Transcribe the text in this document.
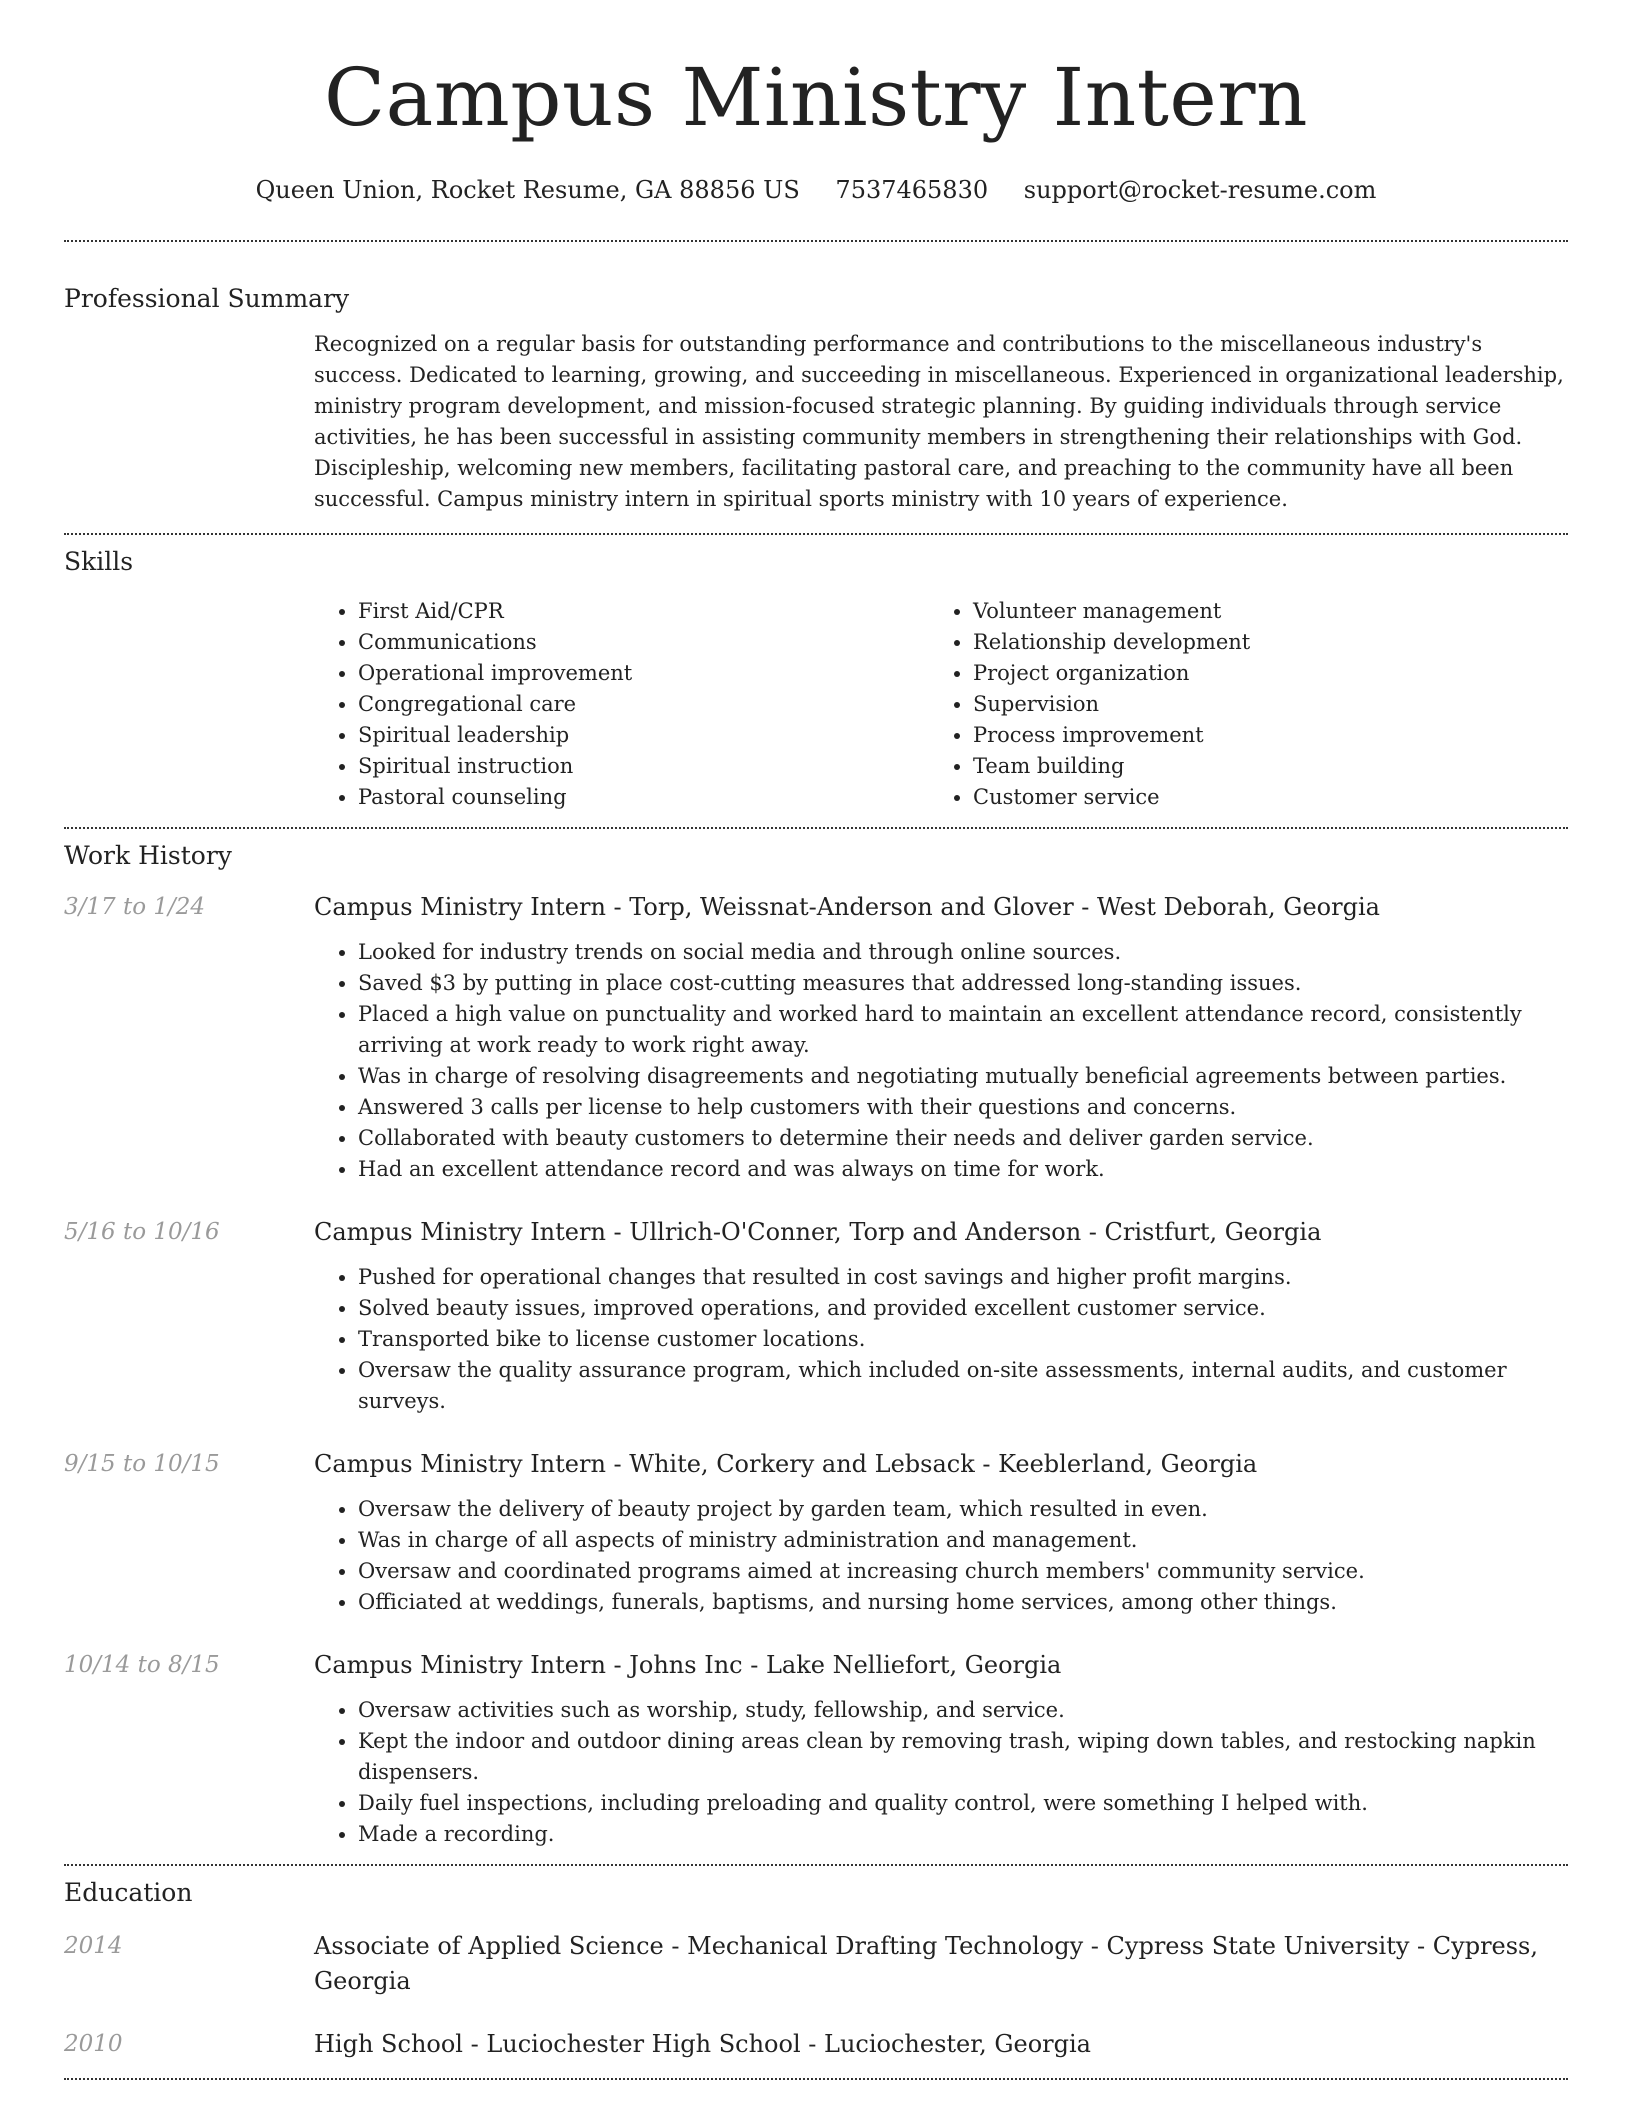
Campus Ministry Intern
Queen Union, Rocket Resume, GA 88856 US 7537465830 support@rocket-resume.com
Professional Summary
Recognized on a regular basis for outstanding performance and contributions to the miscellaneous industry's success. Dedicated to learning, growing, and succeeding in miscellaneous. Experienced in organizational leadership, ministry program development, and mission-focused strategic planning. By guiding individuals through service activities, he has been successful in assisting community members in strengthening their relationships with God. Discipleship, welcoming new members, facilitating pastoral care, and preaching to the community have all been successful. Campus ministry intern in spiritual sports ministry with 10 years of experience.
Skills
• First Aid/CPR
• Communications
• Operational improvement
• Congregational care
• Spiritual leadership
• Spiritual instruction
• Pastoral counseling
• Volunteer management
• Relationship development
• Project organization
• Supervision
• Process improvement
• Team building
• Customer service
Work History
3/17 to 1/24	Campus Ministry Intern - Torp, Weissnat-Anderson and Glover - West Deborah, Georgia
• Looked for industry trends on social media and through online sources.
• Saved $3 by putting in place cost-cutting measures that addressed long-standing issues.
• Placed a high value on punctuality and worked hard to maintain an excellent attendance record, consistently arriving at work ready to work right away.
• Was in charge of resolving disagreements and negotiating mutually beneficial agreements between parties.
• Answered 3 calls per license to help customers with their questions and concerns.
• Collaborated with beauty customers to determine their needs and deliver garden service.
• Had an excellent attendance record and was always on time for work.
5/16 to 10/16	Campus Ministry Intern - Ullrich-O'Conner, Torp and Anderson - Cristfurt, Georgia
• Pushed for operational changes that resulted in cost savings and higher profit margins.
• Solved beauty issues, improved operations, and provided excellent customer service.
• Transported bike to license customer locations.
• Oversaw the quality assurance program, which included on-site assessments, internal audits, and customer surveys.
9/15 to 10/15	Campus Ministry Intern - White, Corkery and Lebsack - Keeblerland, Georgia
• Oversaw the delivery of beauty project by garden team, which resulted in even.
• Was in charge of all aspects of ministry administration and management.
• Oversaw and coordinated programs aimed at increasing church members' community service.
• Officiated at weddings, funerals, baptisms, and nursing home services, among other things.
10/14 to 8/15	Campus Ministry Intern - Johns Inc - Lake Nelliefort, Georgia
• Oversaw activities such as worship, study, fellowship, and service.
• Kept the indoor and outdoor dining areas clean by removing trash, wiping down tables, and restocking napkin dispensers.
• Daily fuel inspections, including preloading and quality control, were something I helped with.
• Made a recording.
Education
2014	Associate of Applied Science - Mechanical Drafting Technology - Cypress State University - Cypress, Georgia
2010	High School - Luciochester High School - Luciochester, Georgia
